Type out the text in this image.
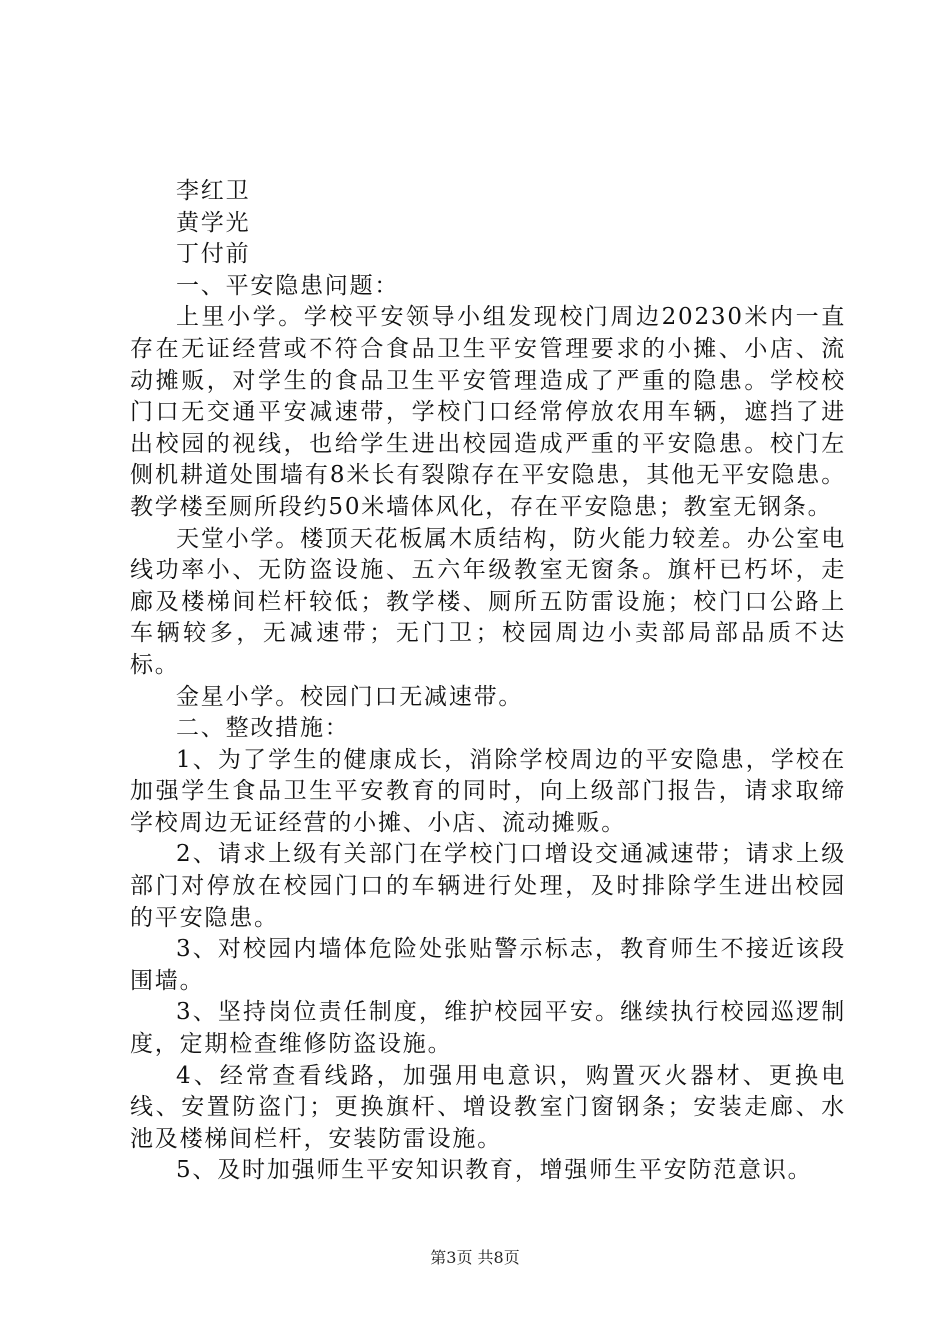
李红卫

黄学光

丁付前

一、平安隐患问题：

上里小学。学校平安领导小组发现校门周边20230米内一直存在无证经营或不符合食品卫生平安管理要求的小摊、小店、流动摊贩，对学生的食品卫生平安管理造成了严重的隐患。学校校门口无交通平安减速带，学校门口经常停放农用车辆，遮挡了进出校园的视线，也给学生进出校园造成严重的平安隐患。校门左侧机耕道处围墙有8米长有裂隙存在平安隐患，其他无平安隐患。教学楼至厕所段约50米墙体风化，存在平安隐患；教室无钢条。

天堂小学。楼顶天花板属木质结构，防火能力较差。办公室电线功率小、无防盗设施、五六年级教室无窗条。旗杆已朽坏，走廊及楼梯间栏杆较低；教学楼、厕所五防雷设施；校门口公路上车辆较多，无减速带；无门卫；校园周边小卖部局部品质不达标。

金星小学。校园门口无减速带。

二、整改措施：

1、为了学生的健康成长，消除学校周边的平安隐患，学校在加强学生食品卫生平安教育的同时，向上级部门报告，请求取缔学校周边无证经营的小摊、小店、流动摊贩。

2、请求上级有关部门在学校门口增设交通减速带；请求上级部门对停放在校园门口的车辆进行处理，及时排除学生进出校园的平安隐患。

3、对校园内墙体危险处张贴警示标志，教育师生不接近该段围墙。

3、坚持岗位责任制度，维护校园平安。继续执行校园巡逻制度，定期检查维修防盗设施。

4、经常查看线路，加强用电意识，购置灭火器材、更换电线、安置防盗门；更换旗杆、增设教室门窗钢条；安装走廊、水池及楼梯间栏杆，安装防雷设施。

5、及时加强师生平安知识教育，增强师生平安防范意识。

第3页 共8页
